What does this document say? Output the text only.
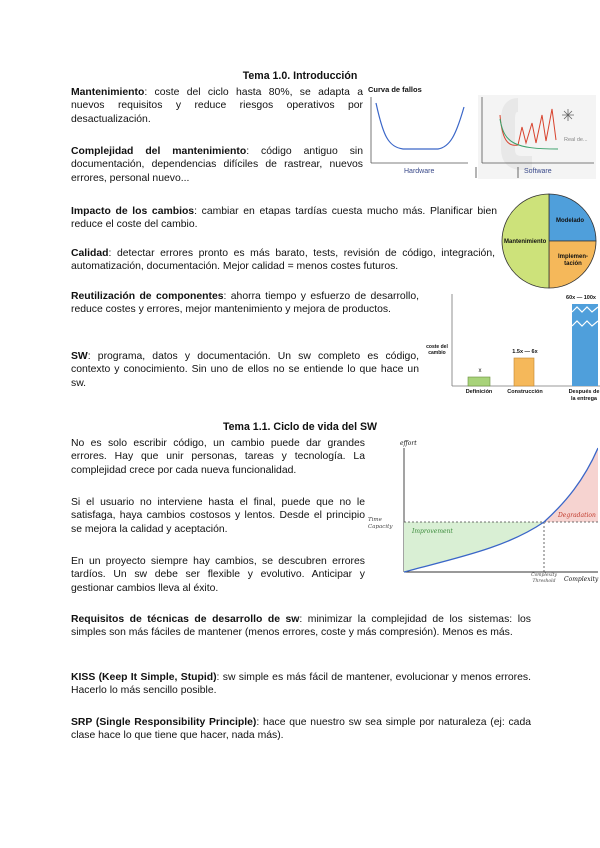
Tema 1.0. Introducción

Mantenimiento: coste del ciclo hasta 80%, se adapta a nuevos requisitos y reduce riesgos operativos por desactualización.

Complejidad del mantenimiento: código antiguo sin documentación, dependencias difíciles de rastrear, nuevos errores, personal nuevo...

Curva de fallos
Hardware	Software
Real de...

Impacto de los cambios: cambiar en etapas tardías cuesta mucho más. Planificar bien reduce el coste del cambio.

Calidad: detectar errores pronto es más barato, tests, revisión de código, integración, automatización, documentación. Mejor calidad = menos costes futuros.

Modelado
Implemen-tación
Mantenimiento

Reutilización de componentes: ahorra tiempo y esfuerzo de desarrollo, reduce costes y errores, mejor mantenimiento y mejora de productos.

SW: programa, datos y documentación. Un sw completo es código, contexto y conocimiento. Sin uno de ellos no se entiende lo que hace un sw.

coste del cambio
x
1.5x — 6x
60x — 100x
Definición	Construcción	Después de la entrega
Tema 1.1. Ciclo de vida del SW

No es solo escribir código, un cambio puede dar grandes errores. Hay que unir personas, tareas y tecnología. La complejidad crece por cada nueva funcionalidad.

Si el usuario no interviene hasta el final, puede que no le satisfaga, haya cambios costosos y lentos. Desde el principio se mejora la calidad y aceptación.

En un proyecto siempre hay cambios, se descubren errores tardíos. Un sw debe ser flexible y evolutivo. Anticipar y gestionar cambios lleva al éxito.

effort
Complexity
Time Capacity
Improvement
Degradation
Complexity Threshold

Requisitos de técnicas de desarrollo de sw: minimizar la complejidad de los sistemas: los simples son más fáciles de mantener (menos errores, coste y más compresión). Menos es más.

KISS (Keep It Simple, Stupid): sw simple es más fácil de mantener, evolucionar y menos errores. Hacerlo lo más sencillo posible.

SRP (Single Responsibility Principle): hace que nuestro sw sea simple por naturaleza (ej: cada clase hace lo que tiene que hacer, nada más).
